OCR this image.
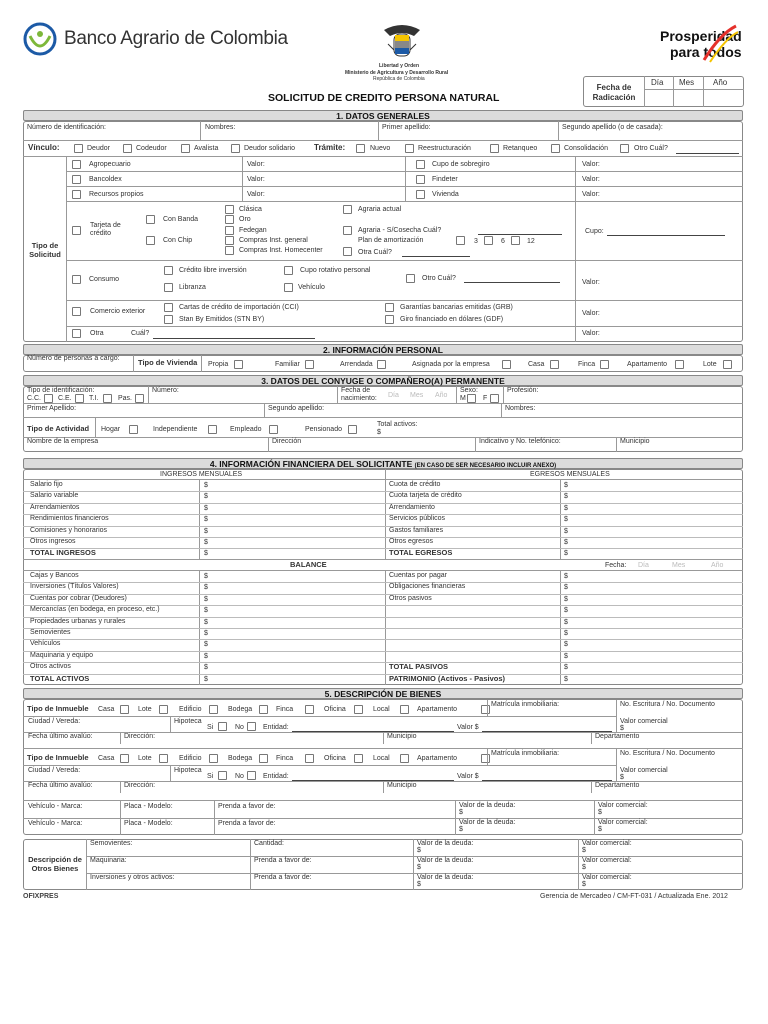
Banco Agrario de Colombia
Libertad y Orden
Ministerio de Agricultura y Desarrollo Rural
República de Colombia
SOLICITUD DE CREDITO PERSONA NATURAL
Prosperidad
para todos
Fecha de Radicación
Día Mes Año
1. DATOS GENERALES
Número de identificación:	Nombres:	Primer apellido:	Segundo apellido (o de casada):
Vínculo:	Deudor	Codeudor	Avalista	Deudor solidario Trámite:	Nuevo	Reestructuración	Retanqueo	Consolidación	Otro Cuál?
Tipo de Solicitud
Agropecuario	Valor:	Cupo de sobregiro	Valor:
Bancoldex	Valor:	Findeter	Valor:
Recursos propios	Valor:	Vivienda	Valor:
Tarjeta de crédito
Con Banda
Con Chip
Clásica
Oro
Fedegan
Compras Inst. general
Compras Inst. Homecenter
Agraria actual
Agraria - S/Cosecha Cuál?
Plan de amortización	3	6	12
Otra Cuál?
Cupo:
Consumo
Crédito libre inversión	Cupo rotativo personal
Libranza	Vehículo
Otro Cuál?
Valor:
Comercio exterior
Cartas de crédito de importación (CCI)
Stan By Emitidos (STN BY)
Garantías bancarias emitidas (GRB)
Giro financiado en dólares (GDF)
Valor:
Otra	Cuál?	Valor:
2. INFORMACIÓN PERSONAL
Número de personas a cargo: Tipo de Vivienda Propia	Familiar	Arrendada	Asignada por la empresa	Casa	Finca	Apartamento	Lote
3. DATOS DEL CONYUGE O COMPAÑERO(A) PERMANENTE
Tipo de identificación:
C.C. C.E. T.I.	Pas.
Número:	Fecha de nacimiento:	Día Mes Año
Sexo:
M F
Profesión:
Primer Apellido:	Segundo apellido:	Nombres:
Tipo de Actividad Hogar	Independiente	Empleado	Pensionado
Total activos:
$
Nombre de la empresa	Dirección	Indicativo y No. telefónico:	Municipio
4. INFORMACIÓN FINANCIERA DEL SOLICITANTE (EN CASO DE SER NECESARIO INCLUIR ANEXO)
INGRESOS MENSUALES	EGRESOS MENSUALES
Salario fijo	Cuota de crédito
$	$
Salario variable	Cuota tarjeta de crédito
$	$
Arrendamientos	Arrendamiento
$	$
Rendimientos financieros	Servicios públicos
$	$
Comisiones y honorarios	Gastos familiares
$	$
Otros ingresos	Otros egresos
$	$
TOTAL INGRESOS	TOTAL EGRESOS
$	$
BALANCE	Fecha: Día	Mes	Año
Cajas y Bancos	$	Cuentas por pagar	$
Inversiones (Títulos Valores)	$	Obligaciones financieras	$
Cuentas por cobrar (Deudores)	$	Otros pasivos	$
Mercancías (en bodega, en proceso, etc.)	$	$
Propiedades urbanas y rurales	$	$
Semovientes	$	$
Vehículos	$	$
Maquinaria y equipo	$	$
Otros activos	$	TOTAL PASIVOS	$
TOTAL ACTIVOS	$	PATRIMONIO (Activos - Pasivos)	$
5. DESCRIPCIÓN DE BIENES
Tipo de Inmueble Casa	Lote	Edificio	Bodega	Finca	Oficina	Local	Apartamento
Matrícula inmobiliaria:	No. Escritura / No. Documento
Ciudad / Vereda:	Hipoteca
Si	No	Entidad:	Valor $
Valor comercial
$
Fecha último avalúo:	Dirección:	Municipio	Departamento
Tipo de Inmueble Casa	Lote	Edificio	Bodega	Finca	Oficina	Local	Apartamento
Matrícula inmobiliaria:	No. Escritura / No. Documento
Ciudad / Vereda:	Hipoteca
Si	No	Entidad:	Valor $
Valor comercial
$
Fecha último avalúo:	Dirección:	Municipio	Departamento
Vehículo - Marca:	Placa - Modelo:	Prenda a favor de:	Valor de la deuda:
$
Valor comercial:
$
Vehículo - Marca:	Placa - Modelo:	Prenda a favor de:	Valor de la deuda:
$
Valor comercial:
$
Descripción de Otros Bienes
Semovientes:	Cantidad:	Valor de la deuda:
$
Valor comercial:
$
Maquinaria:	Prenda a favor de:	Valor de la deuda:
$
Valor comercial:
$
Inversiones y otros activos:	Prenda a favor de:	Valor de la deuda:
$
Valor comercial:
$
OFIXPRES	Gerencia de Mercadeo / CM-FT-031 / Actualizada Ene. 2012
